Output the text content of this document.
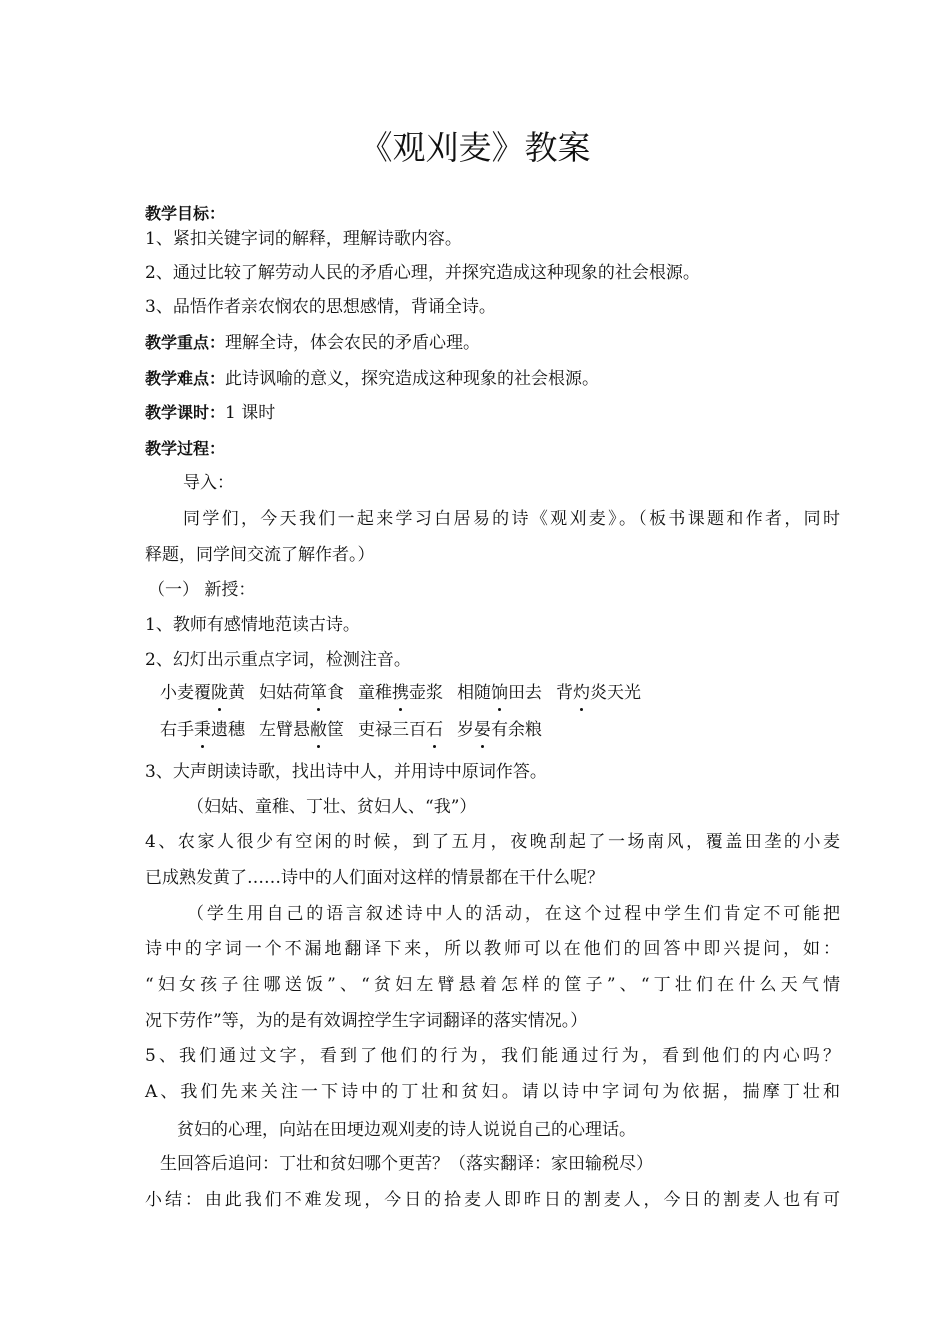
《观刈麦》教案
教学目标：
1、紧扣关键字词的解释，理解诗歌内容。
2、通过比较了解劳动人民的矛盾心理，并探究造成这种现象的社会根源。
3、品悟作者亲农悯农的思想感情，背诵全诗。
教学重点：理解全诗，体会农民的矛盾心理。
教学难点：此诗讽喻的意义，探究造成这种现象的社会根源。
教学课时：1 课时
教学过程：
导入：
同学们，今天我们一起来学习白居易的诗《观刈麦》。（板书课题和作者，同时
释题，同学间交流了解作者。）
（一） 新授：
1、教师有感情地范读古诗。
2、幻灯出示重点字词，检测注音。
小麦覆陇黄 妇姑荷箪食 童稚携壶浆 相随饷田去 背灼炎天光
右手秉遗穗 左臂悬敝筐 吏禄三百石 岁晏有余粮
3、大声朗读诗歌，找出诗中人，并用诗中原词作答。
（妇姑、童稚、丁壮、贫妇人、“我”）
4、农家人很少有空闲的时候，到了五月，夜晚刮起了一场南风，覆盖田垄的小麦
已成熟发黄了……诗中的人们面对这样的情景都在干什么呢？
（学生用自己的语言叙述诗中人的活动，在这个过程中学生们肯定不可能把
诗中的字词一个不漏地翻译下来，所以教师可以在他们的回答中即兴提问，如：
“妇女孩子往哪送饭”、“贫妇左臂悬着怎样的筐子”、“丁壮们在什么天气情
况下劳作”等，为的是有效调控学生字词翻译的落实情况。）
5、我们通过文字，看到了他们的行为，我们能通过行为，看到他们的内心吗？
A、我们先来关注一下诗中的丁壮和贫妇。请以诗中字词句为依据，揣摩丁壮和
贫妇的心理，向站在田埂边观刈麦的诗人说说自己的心理话。
生回答后追问：丁壮和贫妇哪个更苦？（落实翻译：家田输税尽）
小结：由此我们不难发现，今日的拾麦人即昨日的割麦人，今日的割麦人也有可
